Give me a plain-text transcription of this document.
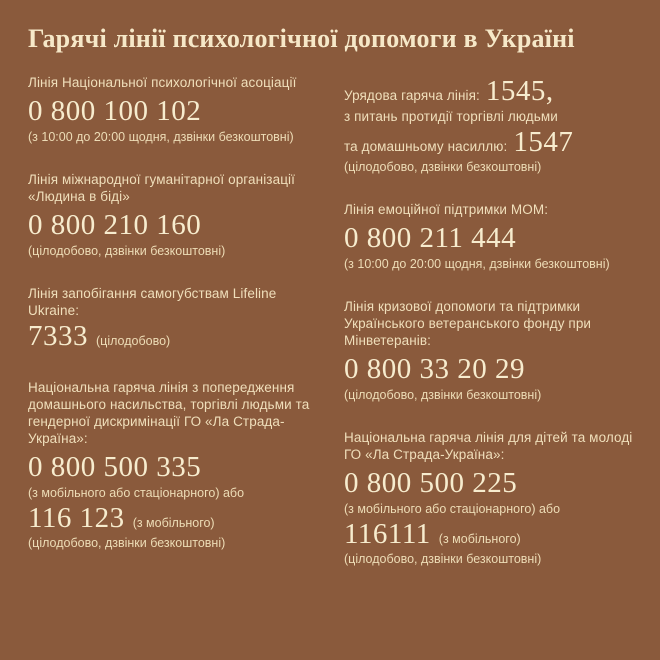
Гарячі лінії психологічної допомоги в Україні
Лінія Національної психологічної асоціації
0 800 100 102
(з 10:00 до 20:00 щодня, дзвінки безкоштовні)
Лінія міжнародної гуманітарної організації «Людина в біді»
0 800 210 160
(цілодобово, дзвінки безкоштовні)
Лінія запобігання самогубствам Lifeline Ukraine:
7333 (цілодобово)
Національна гаряча лінія з попередження домашнього насильства, торгівлі людьми та гендерної дискримінації ГО «Ла Страда-Україна»:
0 800 500 335
(з мобільного або стаціонарного) або
116 123 (з мобільного)
(цілодобово, дзвінки безкоштовні)
Урядова гаряча лінія: 1545,
з питань протидії торгівлі людьми
та домашньому насиллю: 1547
(цілодобово, дзвінки безкоштовні)
Лінія емоційної підтримки МОМ:
0 800 211 444
(з 10:00 до 20:00 щодня, дзвінки безкоштовні)
Лінія кризової допомоги та підтримки Українського ветеранського фонду при Мінветеранів:
0 800 33 20 29
(цілодобово, дзвінки безкоштовні)
Національна гаряча лінія для дітей та молоді ГО «Ла Страда-Україна»:
0 800 500 225
(з мобільного або стаціонарного) або
116111 (з мобільного)
(цілодобово, дзвінки безкоштовні)
